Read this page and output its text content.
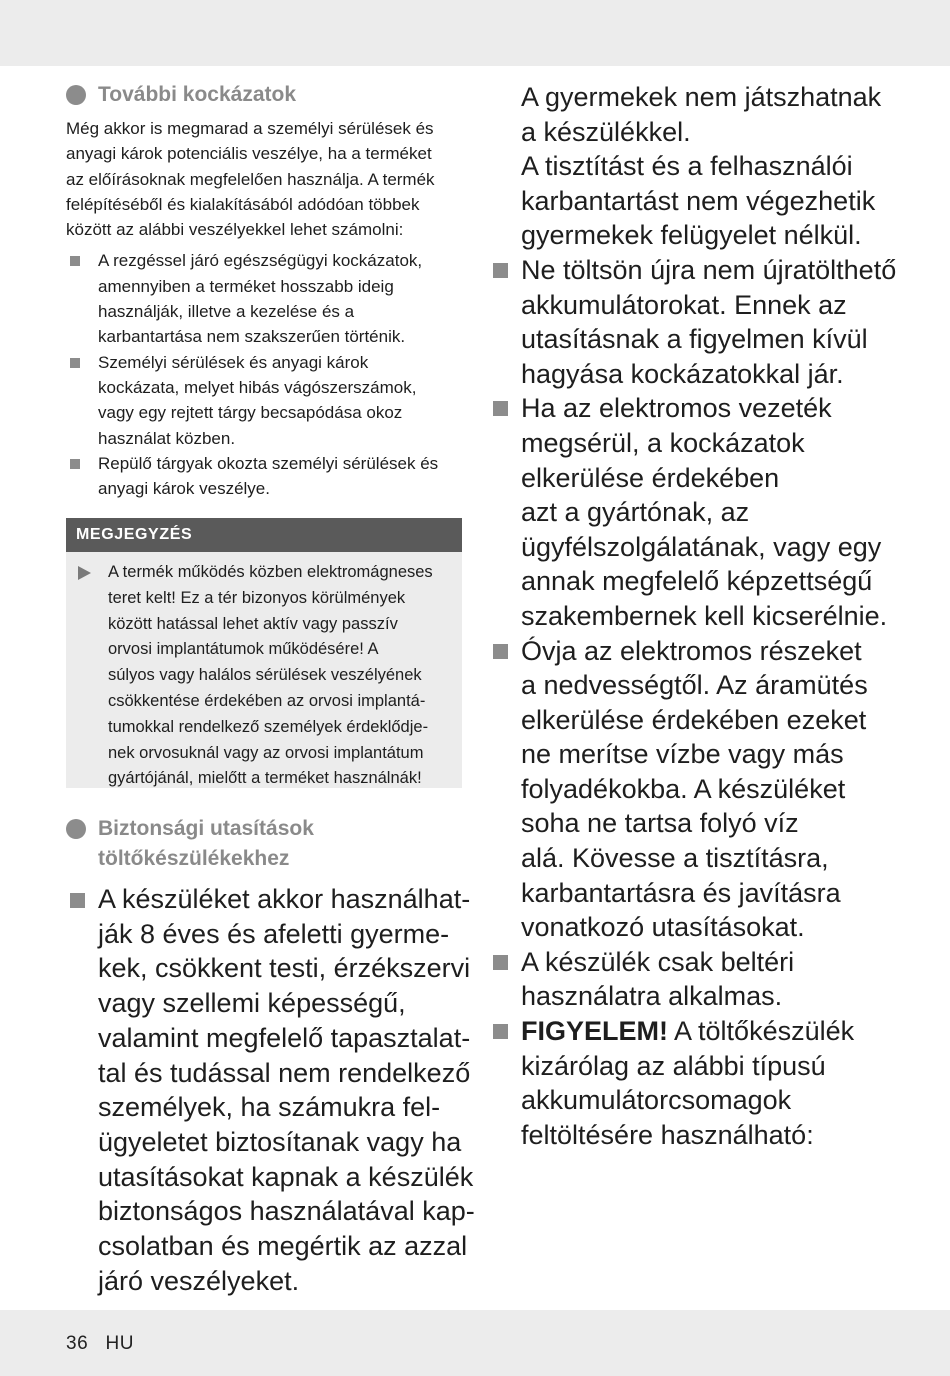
További kockázatok
Még akkor is megmarad a személyi sérülések és
anyagi károk potenciális veszélye, ha a terméket
az előírásoknak megfelelően használja. A termék
felépítéséből és kialakításából adódóan többek
között az alábbi veszélyekkel lehet számolni:
A rezgéssel járó egészségügyi kockázatok,
amennyiben a terméket hosszabb ideig
használják, illetve a kezelése és a
karbantartása nem szakszerűen történik.
Személyi sérülések és anyagi károk
kockázata, melyet hibás vágószerszámok,
vagy egy rejtett tárgy becsapódása okoz
használat közben.
Repülő tárgyak okozta személyi sérülések és
anyagi károk veszélye.
MEGJEGYZÉS
A termék működés közben elektromágneses
teret kelt! Ez a tér bizonyos körülmények
között hatással lehet aktív vagy passzív
orvosi implantátumok működésére! A
súlyos vagy halálos sérülések veszélyének
csökkentése érdekében az orvosi implantá-
tumokkal rendelkező személyek érdeklődje-
nek orvosuknál vagy az orvosi implantátum
gyártójánál, mielőtt a terméket használnák!
Biztonsági utasítások
töltőkészülékekhez
A készüléket akkor használhat-
ják 8 éves és afeletti gyerme-
kek, csökkent testi, érzékszervi
vagy szellemi képességű,
valamint megfelelő tapasztalat-
tal és tudással nem rendelkező
személyek, ha számukra fel-
ügyeletet biztosítanak vagy ha
utasításokat kapnak a készülék
biztonságos használatával kap-
csolatban és megértik az azzal
járó veszélyeket.
A gyermekek nem játszhatnak
a készülékkel.
A tisztítást és a felhasználói
karbantartást nem végezhetik
gyermekek felügyelet nélkül.
Ne töltsön újra nem újratölthető
akkumulátorokat. Ennek az
utasításnak a figyelmen kívül
hagyása kockázatokkal jár.
Ha az elektromos vezeték
megsérül, a kockázatok
elkerülése érdekében
azt a gyártónak, az
ügyfélszolgálatának, vagy egy
annak megfelelő képzettségű
szakembernek kell kicserélnie.
Óvja az elektromos részeket
a nedvességtől. Az áramütés
elkerülése érdekében ezeket
ne merítse vízbe vagy más
folyadékokba. A készüléket
soha ne tartsa folyó víz
alá. Kövesse a tisztításra,
karbantartásra és javításra
vonatkozó utasításokat.
A készülék csak beltéri
használatra alkalmas.
FIGYELEM! A töltőkészülék
kizárólag az alábbi típusú
akkumulátorcsomagok
feltöltésére használható:
36 HU
